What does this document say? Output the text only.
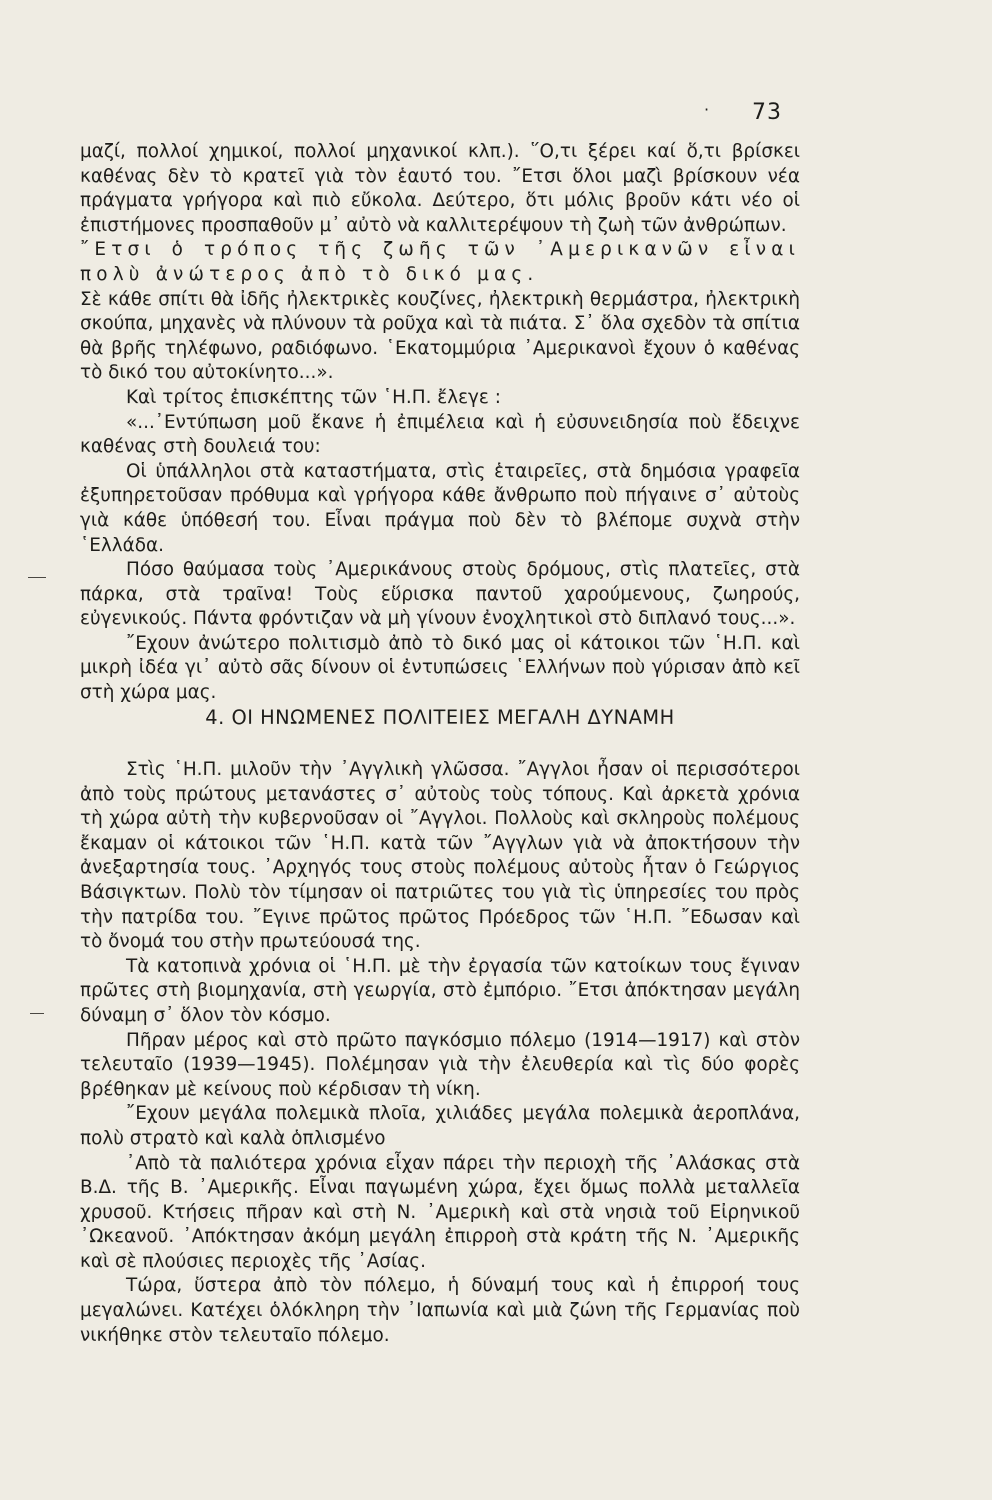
· 73

μαζί, πολλοί χημικοί, πολλοί μηχανικοί κλπ.). ῞Ο,τι ξέρει καί ὅ,τι βρίσκει καθένας δὲν τὸ κρατεῖ γιὰ τὸν ἑαυτό του. ῎Ετσι ὅλοι μαζὶ βρίσκουν νέα πράγματα γρήγορα καὶ πιὸ εὔκολα. Δεύτερο, ὅτι μόλις βροῦν κάτι νέο οἱ ἐπιστήμονες προσπαθοῦν μ᾿ αὐτὸ νὰ καλλιτερέψουν τὴ ζωὴ τῶν ἀνθρώπων.

῎Ετσι ὁ τρόπος τῆς ζωῆς τῶν ᾿Αμερικανῶν εἶναι πολὺ ἀνώτερος ἀπὸ τὸ δικό μας.

Σὲ κάθε σπίτι θὰ ἰδῆς ἠλεκτρικὲς κουζίνες, ἠλεκτρικὴ θερμάστρα, ἠλεκτρικὴ σκούπα, μηχανὲς νὰ πλύνουν τὰ ροῦχα καὶ τὰ πιάτα. Σ᾿ ὅλα σχεδὸν τὰ σπίτια θὰ βρῆς τηλέφωνο, ραδιόφωνο. ῾Εκατομμύρια ᾿Αμερικανοὶ ἔχουν ὁ καθένας τὸ δικό του αὐτοκίνητο...».

Καὶ τρίτος ἐπισκέπτης τῶν ῾Η.Π. ἔλεγε :

«...᾿Εντύπωση μοῦ ἔκανε ἡ ἐπιμέλεια καὶ ἡ εὐσυνειδησία ποὺ ἔδειχνε καθένας στὴ δουλειά του:

Οἱ ὑπάλληλοι στὰ καταστήματα, στὶς ἑταιρεῖες, στὰ δημόσια γραφεῖα ἐξυπηρετοῦσαν πρόθυμα καὶ γρήγορα κάθε ἄνθρωπο ποὺ πήγαινε σ᾿ αὐτοὺς γιὰ κάθε ὑπόθεσή του. Εἶναι πράγμα ποὺ δὲν τὸ βλέπομε συχνὰ στὴν ῾Ελλάδα.

Πόσο θαύμασα τοὺς ᾿Αμερικάνους στοὺς δρόμους, στὶς πλατεῖες, στὰ πάρκα, στὰ τραῖνα! Τοὺς εὕρισκα παντοῦ χαρούμενους, ζωηρούς, εὐγενικούς. Πάντα φρόντιζαν νὰ μὴ γίνουν ἐνοχλητικοὶ στὸ διπλανό τους...».

῎Εχουν ἀνώτερο πολιτισμὸ ἀπὸ τὸ δικό μας οἱ κάτοικοι τῶν ῾Η.Π. καὶ μικρὴ ἰδέα γι᾿ αὐτὸ σᾶς δίνουν οἱ ἐντυπώσεις ῾Ελλήνων ποὺ γύρισαν ἀπὸ κεῖ στὴ χώρα μας.

4. ΟΙ ΗΝΩΜΕΝΕΣ ΠΟΛΙΤΕΙΕΣ ΜΕΓΑΛΗ ΔΥΝΑΜΗ

Στὶς ῾Η.Π. μιλοῦν τὴν ᾿Αγγλικὴ γλῶσσα. ῎Αγγλοι ἦσαν οἱ περισσότεροι ἀπὸ τοὺς πρώτους μετανάστες σ᾿ αὐτοὺς τοὺς τόπους. Καὶ ἀρκετὰ χρόνια τὴ χώρα αὐτὴ τὴν κυβερνοῦσαν οἱ ῎Αγγλοι. Πολλοὺς καὶ σκληροὺς πολέμους ἔκαμαν οἱ κάτοικοι τῶν ῾Η.Π. κατὰ τῶν ῎Αγγλων γιὰ νὰ ἀποκτήσουν τὴν ἀνεξαρτησία τους. ᾿Αρχηγός τους στοὺς πολέμους αὐτοὺς ἦταν ὁ Γεώργιος Βάσιγκτων. Πολὺ τὸν τίμησαν οἱ πατριῶτες του γιὰ τὶς ὑπηρεσίες του πρὸς τὴν πατρίδα του. ῎Εγινε πρῶτος πρῶτος Πρόεδρος τῶν ῾Η.Π. ῎Εδωσαν καὶ τὸ ὄνομά του στὴν πρωτεύουσά της.

Τὰ κατοπινὰ χρόνια οἱ ῾Η.Π. μὲ τὴν ἐργασία τῶν κατοίκων τους ἔγιναν πρῶτες στὴ βιομηχανία, στὴ γεωργία, στὸ ἐμπόριο. ῎Ετσι ἀπόκτησαν μεγάλη δύναμη σ᾿ ὅλον τὸν κόσμο.

Πῆραν μέρος καὶ στὸ πρῶτο παγκόσμιο πόλεμο (1914—1917) καὶ στὸν τελευταῖο (1939—1945). Πολέμησαν γιὰ τὴν ἐλευθερία καὶ τὶς δύο φορὲς βρέθηκαν μὲ κείνους ποὺ κέρδισαν τὴ νίκη.

῎Εχουν μεγάλα πολεμικὰ πλοῖα, χιλιάδες μεγάλα πολεμικὰ ἀεροπλάνα, πολὺ στρατὸ καὶ καλὰ ὁπλισμένο

᾿Απὸ τὰ παλιότερα χρόνια εἶχαν πάρει τὴν περιοχὴ τῆς ᾿Αλάσκας στὰ Β.Δ. τῆς Β. ᾿Αμερικῆς. Εἶναι παγωμένη χώρα, ἔχει ὅμως πολλὰ μεταλλεῖα χρυσοῦ. Κτήσεις πῆραν καὶ στὴ Ν. ᾿Αμερικὴ καὶ στὰ νησιὰ τοῦ Εἰρηνικοῦ ᾿Ωκεανοῦ. ᾿Απόκτησαν ἀκόμη μεγάλη ἐπιρροὴ στὰ κράτη τῆς Ν. ᾿Αμερικῆς καὶ σὲ πλούσιες περιοχὲς τῆς ᾿Ασίας.

Τώρα, ὕστερα ἀπὸ τὸν πόλεμο, ἡ δύναμή τους καὶ ἡ ἐπιρροή τους μεγαλώνει. Κατέχει ὁλόκληρη τὴν ᾿Ιαπωνία καὶ μιὰ ζώνη τῆς Γερμανίας ποὺ νικήθηκε στὸν τελευταῖο πόλεμο.
